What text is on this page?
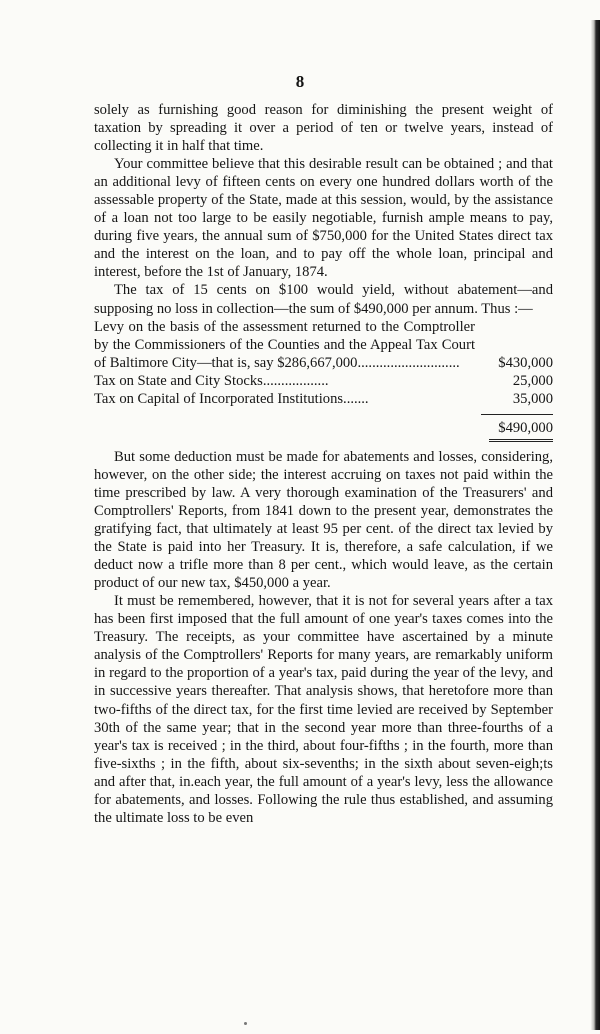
8

solely as furnishing good reason for diminishing the present weight of taxation by spreading it over a period of ten or twelve years, instead of collecting it in half that time.

Your committee believe that this desirable result can be obtained ; and that an additional levy of fifteen cents on every one hundred dollars worth of the assessable property of the State, made at this session, would, by the assistance of a loan not too large to be easily negotiable, furnish ample means to pay, during five years, the annual sum of $750,000 for the United States direct tax and the interest on the loan, and to pay off the whole loan, principal and interest, before the 1st of January, 1874.

The tax of 15 cents on $100 would yield, without abatement—and supposing no loss in collection—the sum of $490,000 per annum. Thus :—

Levy on the basis of the assessment returned to the Comptroller by the Commissioners of the Counties and the Appeal Tax Court of Baltimore City—that is, say $286,667,000............................	$430,000
Tax on State and City Stocks..................	25,000
Tax on Capital of Incorporated Institutions.......	35,000
$490,000

But some deduction must be made for abatements and losses, considering, however, on the other side; the interest accruing on taxes not paid within the time prescribed by law. A very thorough examination of the Treasurers' and Comptrollers' Reports, from 1841 down to the present year, demonstrates the gratifying fact, that ultimately at least 95 per cent. of the direct tax levied by the State is paid into her Treasury. It is, therefore, a safe calculation, if we deduct now a trifle more than 8 per cent., which would leave, as the certain product of our new tax, $450,000 a year.

It must be remembered, however, that it is not for several years after a tax has been first imposed that the full amount of one year's taxes comes into the Treasury. The receipts, as your committee have ascertained by a minute analysis of the Comptrollers' Reports for many years, are remarkably uniform in regard to the proportion of a year's tax, paid during the year of the levy, and in successive years thereafter. That analysis shows, that heretofore more than two-fifths of the direct tax, for the first time levied are received by September 30th of the same year; that in the second year more than three-fourths of a year's tax is received ; in the third, about four-fifths ; in the fourth, more than five-sixths ; in the fifth, about six-sevenths; in the sixth about seven-eigh;ts and after that, in.each year, the full amount of a year's levy, less the allowance for abatements, and losses. Following the rule thus established, and assuming the ultimate loss to be even
